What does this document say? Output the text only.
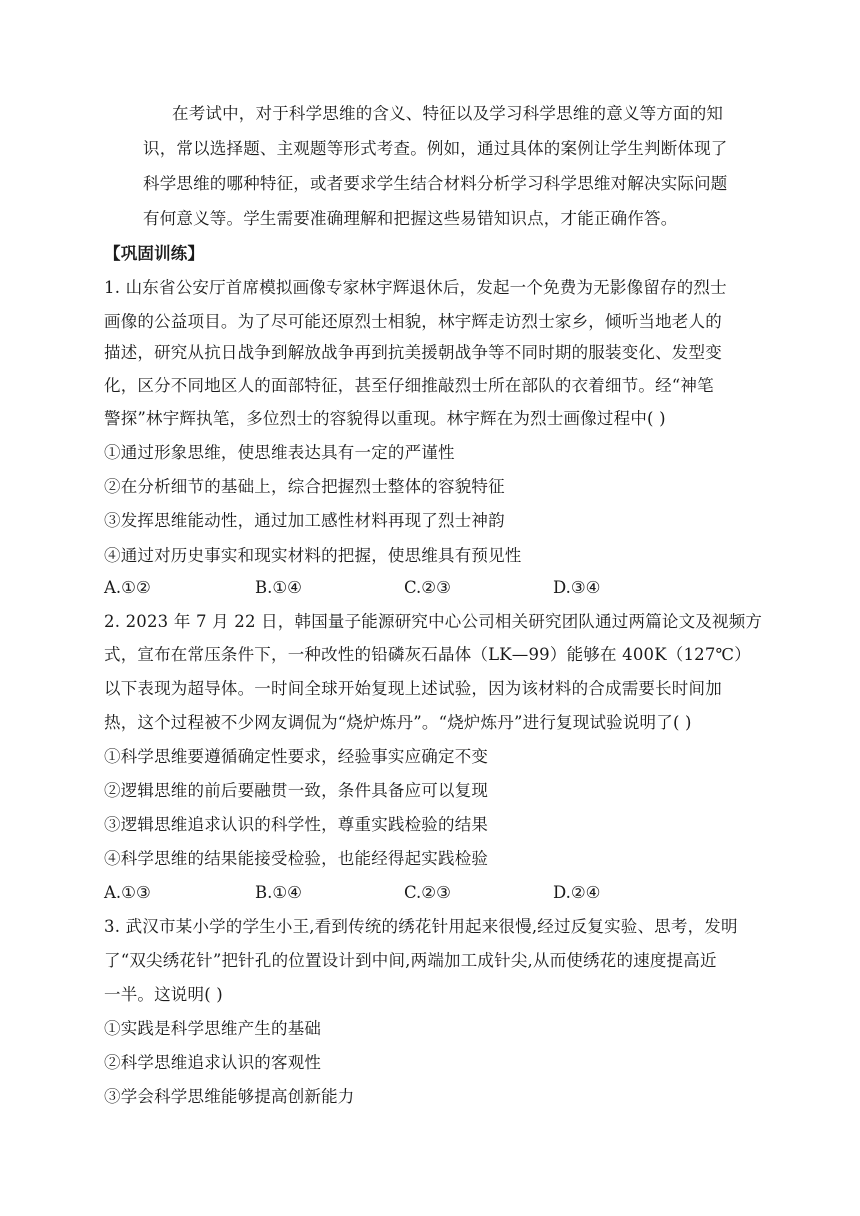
在考试中，对于科学思维的含义、特征以及学习科学思维的意义等方面的知
识，常以选择题、主观题等形式考查。例如，通过具体的案例让学生判断体现了
科学思维的哪种特征，或者要求学生结合材料分析学习科学思维对解决实际问题
有何意义等。学生需要准确理解和把握这些易错知识点，才能正确作答。
【巩固训练】
1. 山东省公安厅首席模拟画像专家林宇辉退休后，发起一个免费为无影像留存的烈士
画像的公益项目。为了尽可能还原烈士相貌，林宇辉走访烈士家乡，倾听当地老人的
描述，研究从抗日战争到解放战争再到抗美援朝战争等不同时期的服装变化、发型变
化，区分不同地区人的面部特征，甚至仔细推敲烈士所在部队的衣着细节。经“神笔
警探”林宇辉执笔，多位烈士的容貌得以重现。林宇辉在为烈士画像过程中( )
①通过形象思维，使思维表达具有一定的严谨性
②在分析细节的基础上，综合把握烈士整体的容貌特征
③发挥思维能动性，通过加工感性材料再现了烈士神韵
④通过对历史事实和现实材料的把握，使思维具有预见性
A.①②	B.①④	C.②③	D.③④
2. 2023 年 7 月 22 日，韩国量子能源研究中心公司相关研究团队通过两篇论文及视频方
式，宣布在常压条件下，一种改性的铅磷灰石晶体（LK—99）能够在 400K（127℃）
以下表现为超导体。一时间全球开始复现上述试验，因为该材料的合成需要长时间加
热，这个过程被不少网友调侃为“烧炉炼丹”。“烧炉炼丹”进行复现试验说明了( )
①科学思维要遵循确定性要求，经验事实应确定不变
②逻辑思维的前后要融贯一致，条件具备应可以复现
③逻辑思维追求认识的科学性，尊重实践检验的结果
④科学思维的结果能接受检验，也能经得起实践检验
A.①③	B.①④	C.②③	D.②④
3. 武汉市某小学的学生小王,看到传统的绣花针用起来很慢,经过反复实验、思考，发明
了“双尖绣花针”把针孔的位置设计到中间,两端加工成针尖,从而使绣花的速度提高近
一半。这说明( )
①实践是科学思维产生的基础
②科学思维追求认识的客观性
③学会科学思维能够提高创新能力
